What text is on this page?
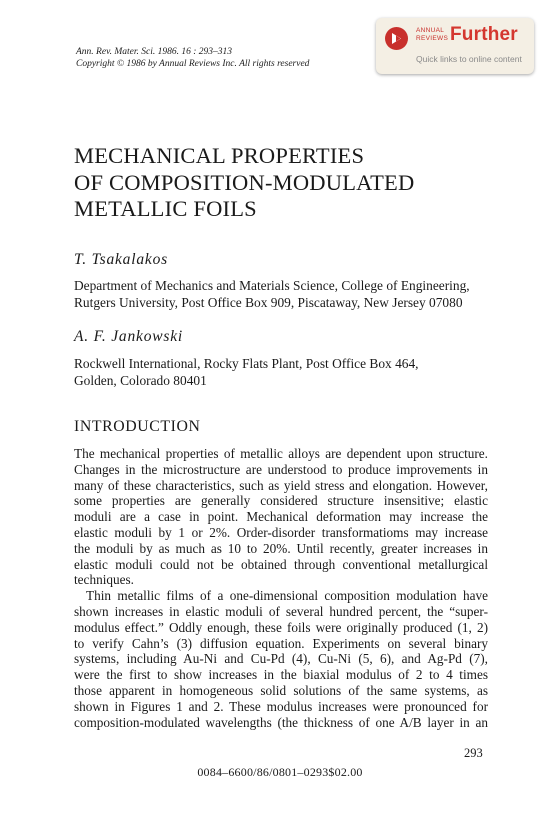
Ann. Rev. Mater. Sci. 1986. 16 : 293–313
Copyright © 1986 by Annual Reviews Inc. All rights reserved
ANNUAL
REVIEWS Further
Quick links to online content
MECHANICAL PROPERTIES
OF COMPOSITION-MODULATED
METALLIC FOILS
T. Tsakalakos
Department of Mechanics and Materials Science, College of Engineering,
Rutgers University, Post Office Box 909, Piscataway, New Jersey 07080
A. F. Jankowski
Rockwell International, Rocky Flats Plant, Post Office Box 464,
Golden, Colorado 80401
INTRODUCTION
The mechanical properties of metallic alloys are dependent upon structure.
Changes in the microstructure are understood to produce improvements in
many of these characteristics, such as yield stress and elongation. However,
some properties are generally considered structure insensitive; elastic
moduli are a case in point. Mechanical deformation may increase the
elastic moduli by 1 or 2%. Order-disorder transformatioms may increase
the moduli by as much as 10 to 20%. Until recently, greater increases in
elastic moduli could not be obtained through conventional metallurgical
techniques.
Thin metallic films of a one-dimensional composition modulation have
shown increases in elastic moduli of several hundred percent, the “super-
modulus effect.” Oddly enough, these foils were originally produced (1, 2)
to verify Cahn’s (3) diffusion equation. Experiments on several binary
systems, including Au-Ni and Cu-Pd (4), Cu-Ni (5, 6), and Ag-Pd (7),
were the first to show increases in the biaxial modulus of 2 to 4 times
those apparent in homogeneous solid solutions of the same systems, as
shown in Figures 1 and 2. These modulus increases were pronounced for
composition-modulated wavelengths (the thickness of one A/B layer in an
293
0084–6600/86/0801–0293$02.00
